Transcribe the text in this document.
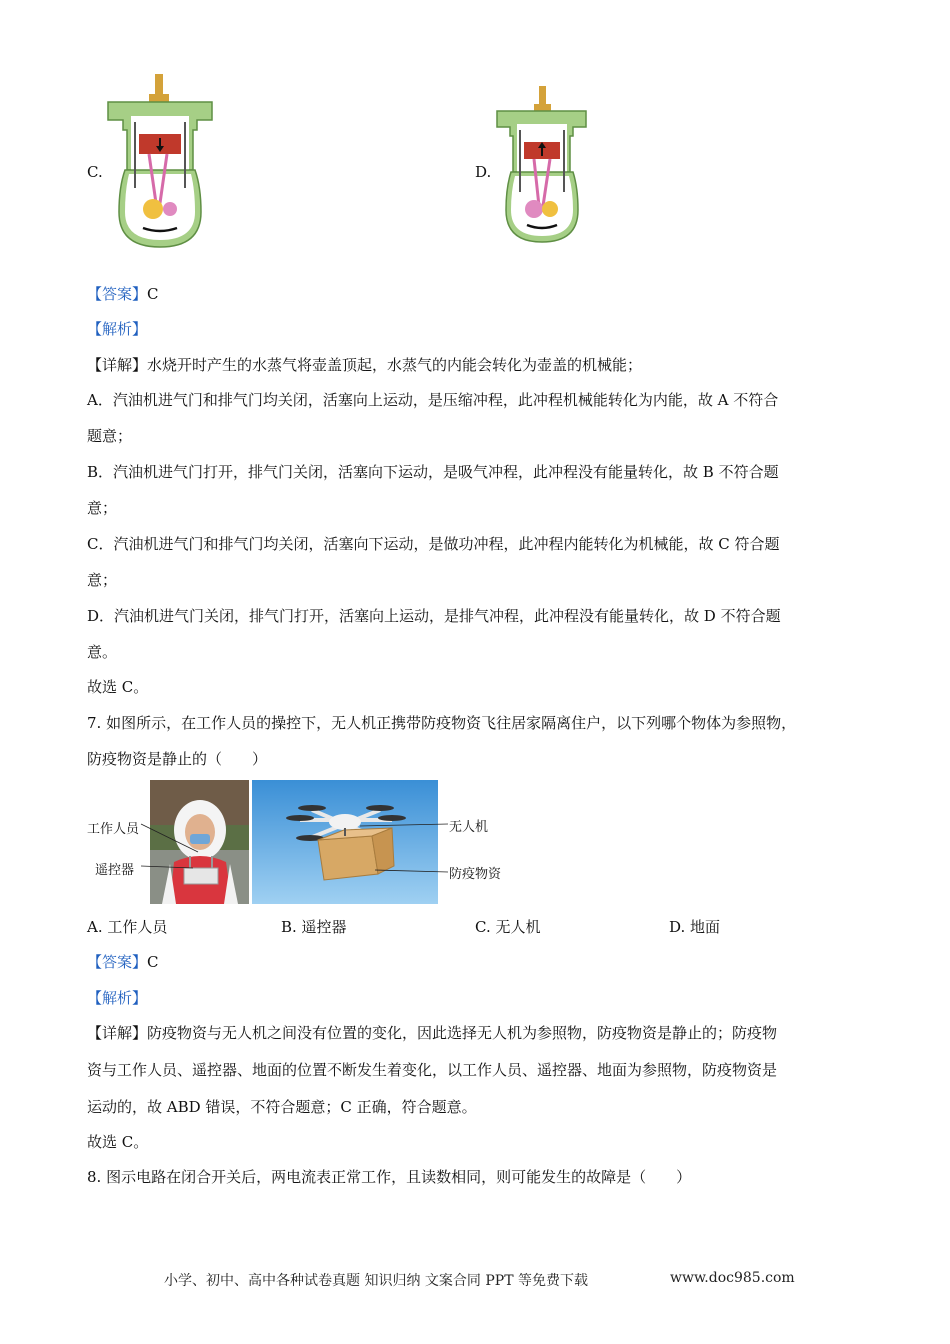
C.	D.
【答案】C
【解析】
【详解】水烧开时产生的水蒸气将壶盖顶起，水蒸气的内能会转化为壶盖的机械能；
A．汽油机进气门和排气门均关闭，活塞向上运动，是压缩冲程，此冲程机械能转化为内能，故 A 不符合
题意；
B．汽油机进气门打开，排气门关闭，活塞向下运动，是吸气冲程，此冲程没有能量转化，故 B 不符合题
意；
C．汽油机进气门和排气门均关闭，活塞向下运动，是做功冲程，此冲程内能转化为机械能，故 C 符合题
意；
D．汽油机进气门关闭，排气门打开，活塞向上运动，是排气冲程，此冲程没有能量转化，故 D 不符合题
意。
故选 C。
7. 如图所示，在工作人员的操控下，无人机正携带防疫物资飞往居家隔离住户，以下列哪个物体为参照物，
防疫物资是静止的（　　）
工作人员
遥控器
无人机
防疫物资
A. 工作人员	B. 遥控器	C. 无人机	D. 地面
【答案】C
【解析】
【详解】防疫物资与无人机之间没有位置的变化，因此选择无人机为参照物，防疫物资是静止的；防疫物
资与工作人员、遥控器、地面的位置不断发生着变化，以工作人员、遥控器、地面为参照物，防疫物资是
运动的，故 ABD 错误，不符合题意；C 正确，符合题意。
故选 C。
8. 图示电路在闭合开关后，两电流表正常工作，且读数相同，则可能发生的故障是（　　）
小学、初中、高中各种试卷真题 知识归纳 文案合同 PPT 等免费下载	www.doc985.com
